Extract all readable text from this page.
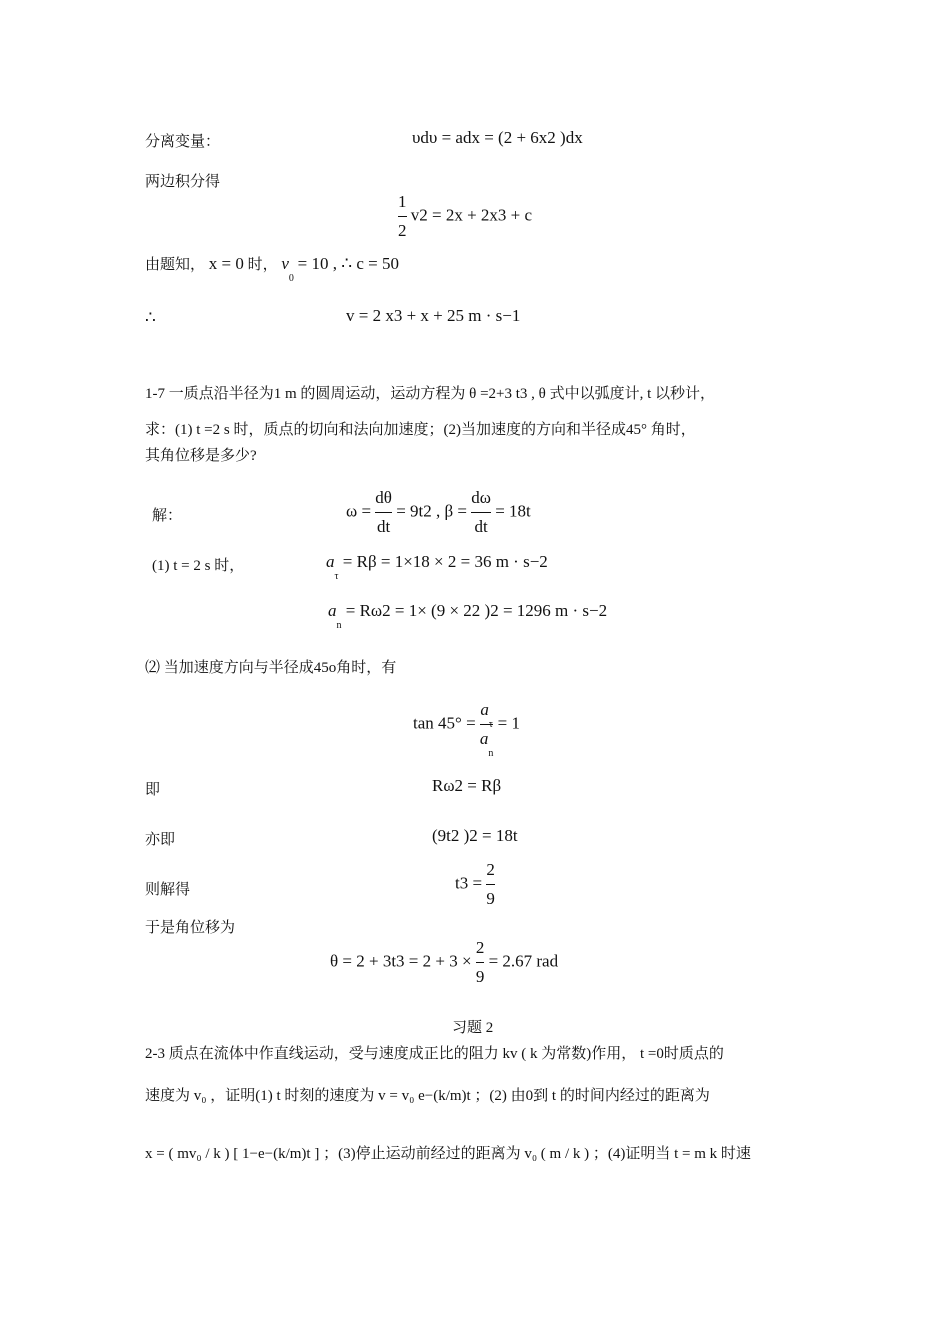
分离变量：	υdυ = adx = (2 + 6x2 )dx
两边积分得
$\frac{1}{2} v2 = 2x + 2x3 + c$
由题知， x = 0 时， $v_0 = 10$ , ∴ c = 50
∴	v = 2 x3 + x + 25 m · s−1
1-7 一质点沿半径为1 m 的圆周运动，运动方程为 θ =2+3 t3 , θ 式中以弧度计, t 以秒计，
求：(1) t =2 s 时，质点的切向和法向加速度；(2)当加速度的方向和半径成45° 角时，
其角位移是多少?
解：	$\omega = \frac{d\theta}{dt} = 9t2$ , $\beta = \frac{d\omega}{dt} = 18t$
(1) t = 2 s 时，	$a_\tau = R\beta = 1\times 18 \times 2 = 36$ m · s−2
$a_n = R\omega 2 = 1\times (9 \times 22$ )2 = 1296 m · s−2
⑵ 当加速度方向与半径成45o角时，有
$\tan 45^\circ = \frac{a_\tau}{a_n} = 1$
即	Rω2 = Rβ
亦即	(9t2 )2 = 18t
则解得	$t3 = \frac{2}{9}$
于是角位移为
$\theta = 2 + 3t3 = 2 + 3 \times \frac{2}{9} = 2.67$ rad
习题 2
2-3 质点在流体中作直线运动，受与速度成正比的阻力 kv ( k 为常数)作用， t =0时质点的
速度为 v₀ ，证明(1) t 时刻的速度为 v = v₀ e−(k/m)t ；(2) 由0到 t 的时间内经过的距离为
x = ( mv₀ / k ) [ 1−e−(k/m)t ] ；(3)停止运动前经过的距离为 v₀ ( m / k ) ；(4)证明当 t = m k 时速
